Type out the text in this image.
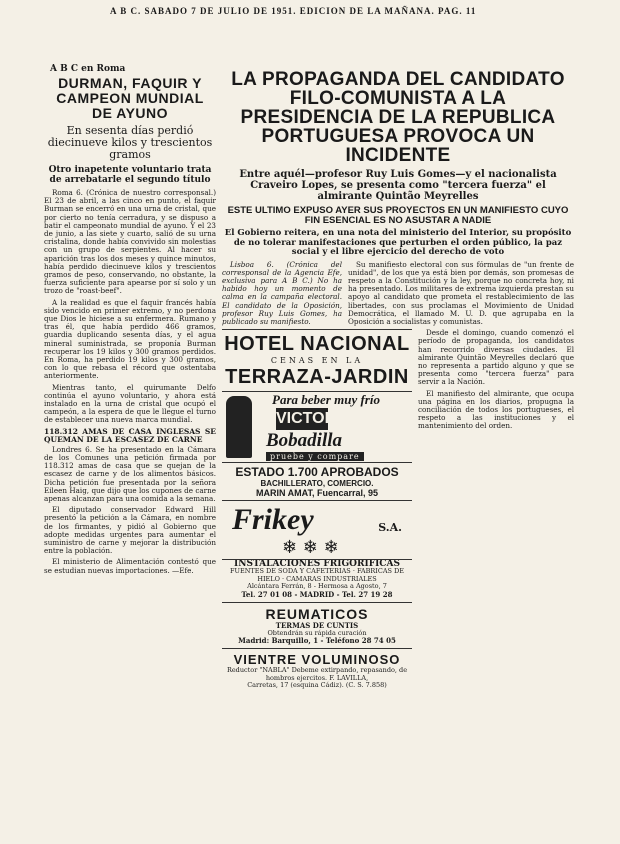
A B C. SABADO 7 DE JULIO DE 1951. EDICION DE LA MAÑANA. PAG. 11
A B C en Roma
DURMAN, FAQUIR Y CAMPEON MUNDIAL DE AYUNO
En sesenta días perdió diecinueve kilos y trescientos gramos
Otro inapetente voluntario trata de arrebatarle el segundo título

Roma 6. (Crónica de nuestro corresponsal.) El 23 de abril, a las cinco en punto, el faquir Burman se encerró en una urna de cristal, que por cierto no tenía cerradura, y se dispuso a batir el campeonato mundial de ayuno. Y el 23 de junio, a las siete y cuarto, salió de su urna cristalina, donde había convivido sin molestias con un grupo de serpientes. Al hacer su aparición tras los dos meses y quince minutos, había perdido diecinueve kilos y trescientos gramos de peso, conservando, no obstante, la fuerza suficiente para apearse por sí solo y un trozo de "roast-beef".

A la realidad es que el faquir francés había sido vencido en primer extremo, y no perdona que Dios le hiciese a su enfermera. Rumano y tras él, que había perdido 466 gramos, guardia duplicando sesenta días, y el agua mineral suministrada, se proponía Burman recuperar los 19 kilos y 300 gramos perdidos. En Roma, ha perdido 19 kilos y 300 gramos, con lo que rebasa el récord que ostentaba anteriormente.

Mientras tanto, el quirumante Delfo continúa el ayuno voluntario, y ahora está instalado en la urna de cristal que ocupó el campeón, a la espera de que le llegue el turno de establecer una nueva marca mundial.

118.312 AMAS DE CASA INGLESAS SE QUEMAN DE LA ESCASEZ DE CARNE

Londres 6. Se ha presentado en la Cámara de los Comunes una petición firmada por 118.312 amas de casa que se quejan de la escasez de carne y de los alimentos básicos. Dicha petición fue presentada por la señora Eileen Haig, que dijo que los cupones de carne apenas alcanzan para una comida a la semana.

El diputado conservador Edward Hill presentó la petición a la Cámara, en nombre de los firmantes, y pidió al Gobierno que adopte medidas urgentes para aumentar el suministro de carne y mejorar la distribución entre la población.

El ministerio de Alimentación contestó que se estudian nuevas importaciones. —Efe.

LA PROPAGANDA DEL CANDIDATO FILO-COMUNISTA A LA PRESIDENCIA DE LA REPUBLICA PORTUGUESA PROVOCA UN INCIDENTE
Entre aquél—profesor Ruy Luis Gomes—y el nacionalista Craveiro Lopes, se presenta como "tercera fuerza" el almirante Quintão Meyrelles
ESTE ULTIMO EXPUSO AYER SUS PROYECTOS EN UN MANIFIESTO CUYO FIN ESENCIAL ES NO ASUSTAR A NADIE
El Gobierno reitera, en una nota del ministerio del Interior, su propósito de no tolerar manifestaciones que perturben el orden público, la paz social y el libre ejercicio del derecho de voto

Lisboa 6. (Crónica del corresponsal de la Agencia Efe, exclusiva para A B C.) No ha habido hoy un momento de calma en la campaña electoral. El candidato de la Oposición, profesor Ruy Luis Gomes, ha publicado su manifiesto.

Su manifiesto electoral con sus fórmulas de "un frente de unidad", de los que ya está bien por demás, son promesas de respeto a la Constitución y la ley, porque no concreta hoy, ni ha presentado. Los militares de extrema izquierda prestan su apoyo al candidato que prometa el restablecimiento de las libertades, con sus proclamas el Movimiento de Unidad Democrática, el llamado M. U. D. que agrupaba en la Oposición a socialistas y comunistas.

HOTEL NACIONAL
CENAS EN LA
TERRAZA-JARDIN
Para beber muy frío
VICTORIA
Bobadilla
pruebe y compare
ESTADO 1.700 APROBADOS
BACHILLERATO, COMERCIO.
MARIN AMAT, Fuencarral, 95
Frikey	S.A.
❄ ❄ ❄
INSTALACIONES FRIGORIFICAS
FUENTES DE SODA Y CAFETERIAS · FABRICAS DE HIELO · CAMARAS INDUSTRIALES
Alcántara Ferrán, 8 - Hermosa a Agosto, 7
Tel. 27 01 08 - MADRID - Tel. 27 19 28
REUMATICOS
TERMAS DE CUNTIS
Obtendrán su rápida curación
Madrid: Barquillo, 1 - Teléfono 28 74 05
VIENTRE VOLUMINOSO
Reductor "NABLA" Debeme extirpando, repasando, de hombros ejercitos. F. LAVILLA,
Carretas, 17 (esquina Cádiz). (C. S. 7.858)

Desde el domingo, cuando comenzó el período de propaganda, los candidatos han recorrido diversas ciudades. El almirante Quintão Meyrelles declaró que no representa a partido alguno y que se presenta como "tercera fuerza" para servir a la Nación.

El manifiesto del almirante, que ocupa una página en los diarios, propugna la conciliación de todos los portugueses, el respeto a las instituciones y el mantenimiento del orden.
